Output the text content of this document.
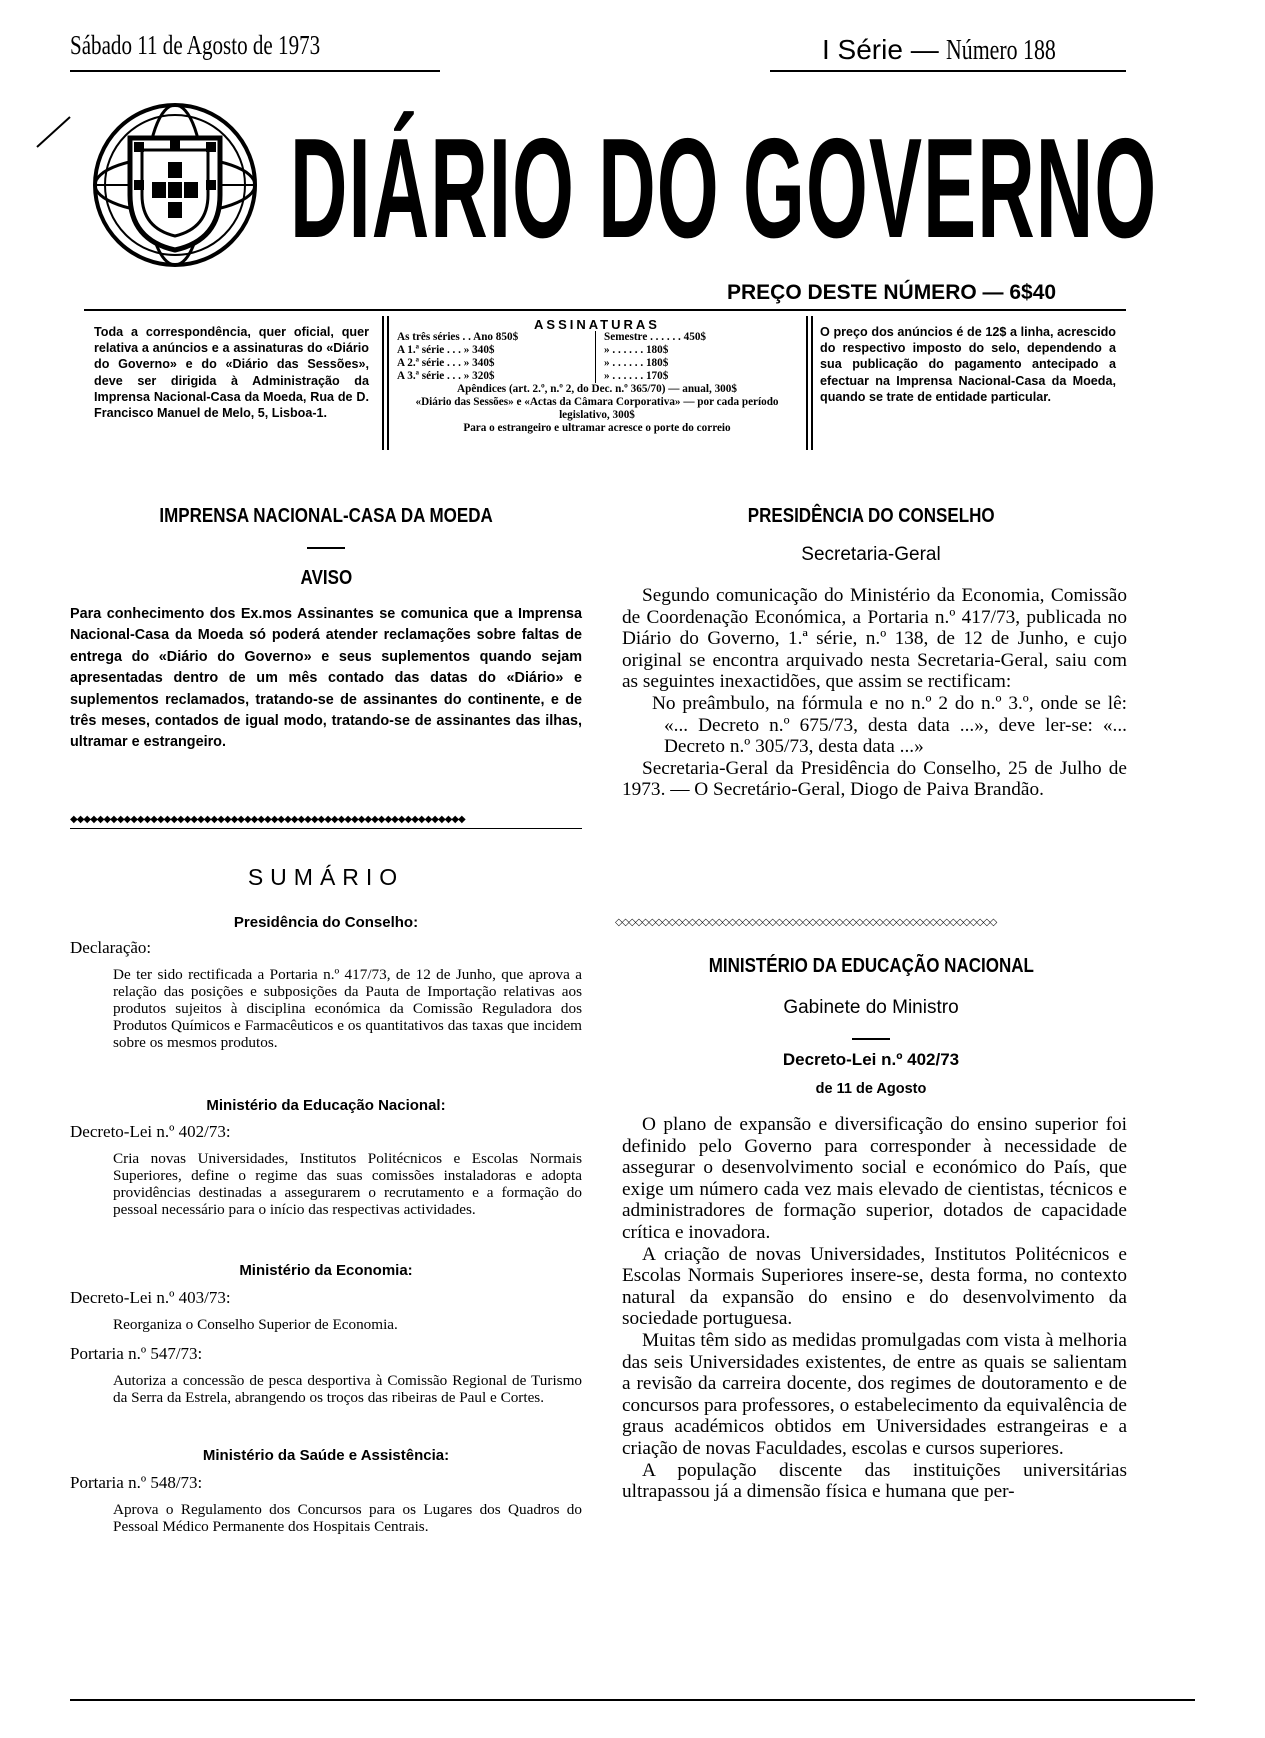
Sábado 11 de Agosto de 1973	I Série — Número 188
DIÁRIO DO GOVERNO
PREÇO DESTE NÚMERO — 6$40
Toda a correspondência, quer oficial, quer relativa a anúncios e a assinaturas do «Diário do Governo» e do «Diário das Sessões», deve ser dirigida à Administração da Imprensa Nacional-Casa da Moeda, Rua de D. Francisco Manuel de Melo, 5, Lisboa-1.
ASSINATURAS
As três séries . . Ano 850$
A 1.ª série . . . » 340$
A 2.ª série . . . » 340$
A 3.ª série . . . » 320$
Semestre . . . . . . 450$
» . . . . . . 180$
» . . . . . . 180$
» . . . . . . 170$
Apêndices (art. 2.º, n.º 2, do Dec. n.º 365/70) — anual, 300$
«Diário das Sessões» e «Actas da Câmara Corporativa» — por cada período legislativo, 300$
Para o estrangeiro e ultramar acresce o porte do correio
O preço dos anúncios é de 12$ a linha, acrescido do respectivo imposto do selo, dependendo a sua publicação do pagamento antecipado a efectuar na Imprensa Nacional-Casa da Moeda, quando se trate de entidade particular.
IMPRENSA NACIONAL-CASA DA MOEDA
AVISO
Para conhecimento dos Ex.mos Assinantes se comunica que a Imprensa Nacional-Casa da Moeda só poderá atender reclamações sobre faltas de entrega do «Diário do Governo» e seus suplementos quando sejam apresentadas dentro de um mês contado das datas do «Diário» e suplementos reclamados, tratando-se de assinantes do continente, e de três meses, contados de igual modo, tratando-se de assinantes das ilhas, ultramar e estrangeiro.
◆◆◆◆◆◆◆◆◆◆◆◆◆◆◆◆◆◆◆◆◆◆◆◆◆◆◆◆◆◆◆◆◆◆◆◆◆◆◆◆◆◆◆◆◆◆◆◆◆◆◆◆◆◆◆◆◆◆◆
SUMÁRIO
Presidência do Conselho:
Declaração:
De ter sido rectificada a Portaria n.º 417/73, de 12 de Junho, que aprova a relação das posições e subposições da Pauta de Importação relativas aos produtos sujeitos à disciplina económica da Comissão Reguladora dos Produtos Químicos e Farmacêuticos e os quantitativos das taxas que incidem sobre os mesmos produtos.
Ministério da Educação Nacional:
Decreto-Lei n.º 402/73:
Cria novas Universidades, Institutos Politécnicos e Escolas Normais Superiores, define o regime das suas comissões instaladoras e adopta providências destinadas a assegurarem o recrutamento e a formação do pessoal necessário para o início das respectivas actividades.
Ministério da Economia:
Decreto-Lei n.º 403/73:
Reorganiza o Conselho Superior de Economia.
Portaria n.º 547/73:
Autoriza a concessão de pesca desportiva à Comissão Regional de Turismo da Serra da Estrela, abrangendo os troços das ribeiras de Paul e Cortes.
Ministério da Saúde e Assistência:
Portaria n.º 548/73:
Aprova o Regulamento dos Concursos para os Lugares dos Quadros do Pessoal Médico Permanente dos Hospitais Centrais.
PRESIDÊNCIA DO CONSELHO
Secretaria-Geral

Segundo comunicação do Ministério da Economia, Comissão de Coordenação Económica, a Portaria n.º 417/73, publicada no Diário do Governo, 1.ª série, n.º 138, de 12 de Junho, e cujo original se encontra arquivado nesta Secretaria-Geral, saiu com as seguintes inexactidões, que assim se rectificam:

No preâmbulo, na fórmula e no n.º 2 do n.º 3.º, onde se lê: «... Decreto n.º 675/73, desta data ...», deve ler-se: «... Decreto n.º 305/73, desta data ...»

Secretaria-Geral da Presidência do Conselho, 25 de Julho de 1973. — O Secretário-Geral, Diogo de Paiva Brandão.

◇◇◇◇◇◇◇◇◇◇◇◇◇◇◇◇◇◇◇◇◇◇◇◇◇◇◇◇◇◇◇◇◇◇◇◇◇◇◇◇◇◇◇◇◇◇◇◇◇◇◇◇◇◇◇◇◇
MINISTÉRIO DA EDUCAÇÃO NACIONAL
Gabinete do Ministro
Decreto-Lei n.º 402/73
de 11 de Agosto

O plano de expansão e diversificação do ensino superior foi definido pelo Governo para corresponder à necessidade de assegurar o desenvolvimento social e económico do País, que exige um número cada vez mais elevado de cientistas, técnicos e administradores de formação superior, dotados de capacidade crítica e inovadora.

A criação de novas Universidades, Institutos Politécnicos e Escolas Normais Superiores insere-se, desta forma, no contexto natural da expansão do ensino e do desenvolvimento da sociedade portuguesa.

Muitas têm sido as medidas promulgadas com vista à melhoria das seis Universidades existentes, de entre as quais se salientam a revisão da carreira docente, dos regimes de doutoramento e de concursos para professores, o estabelecimento da equivalência de graus académicos obtidos em Universidades estrangeiras e a criação de novas Faculdades, escolas e cursos superiores.

A população discente das instituições universitárias ultrapassou já a dimensão física e humana que per-
